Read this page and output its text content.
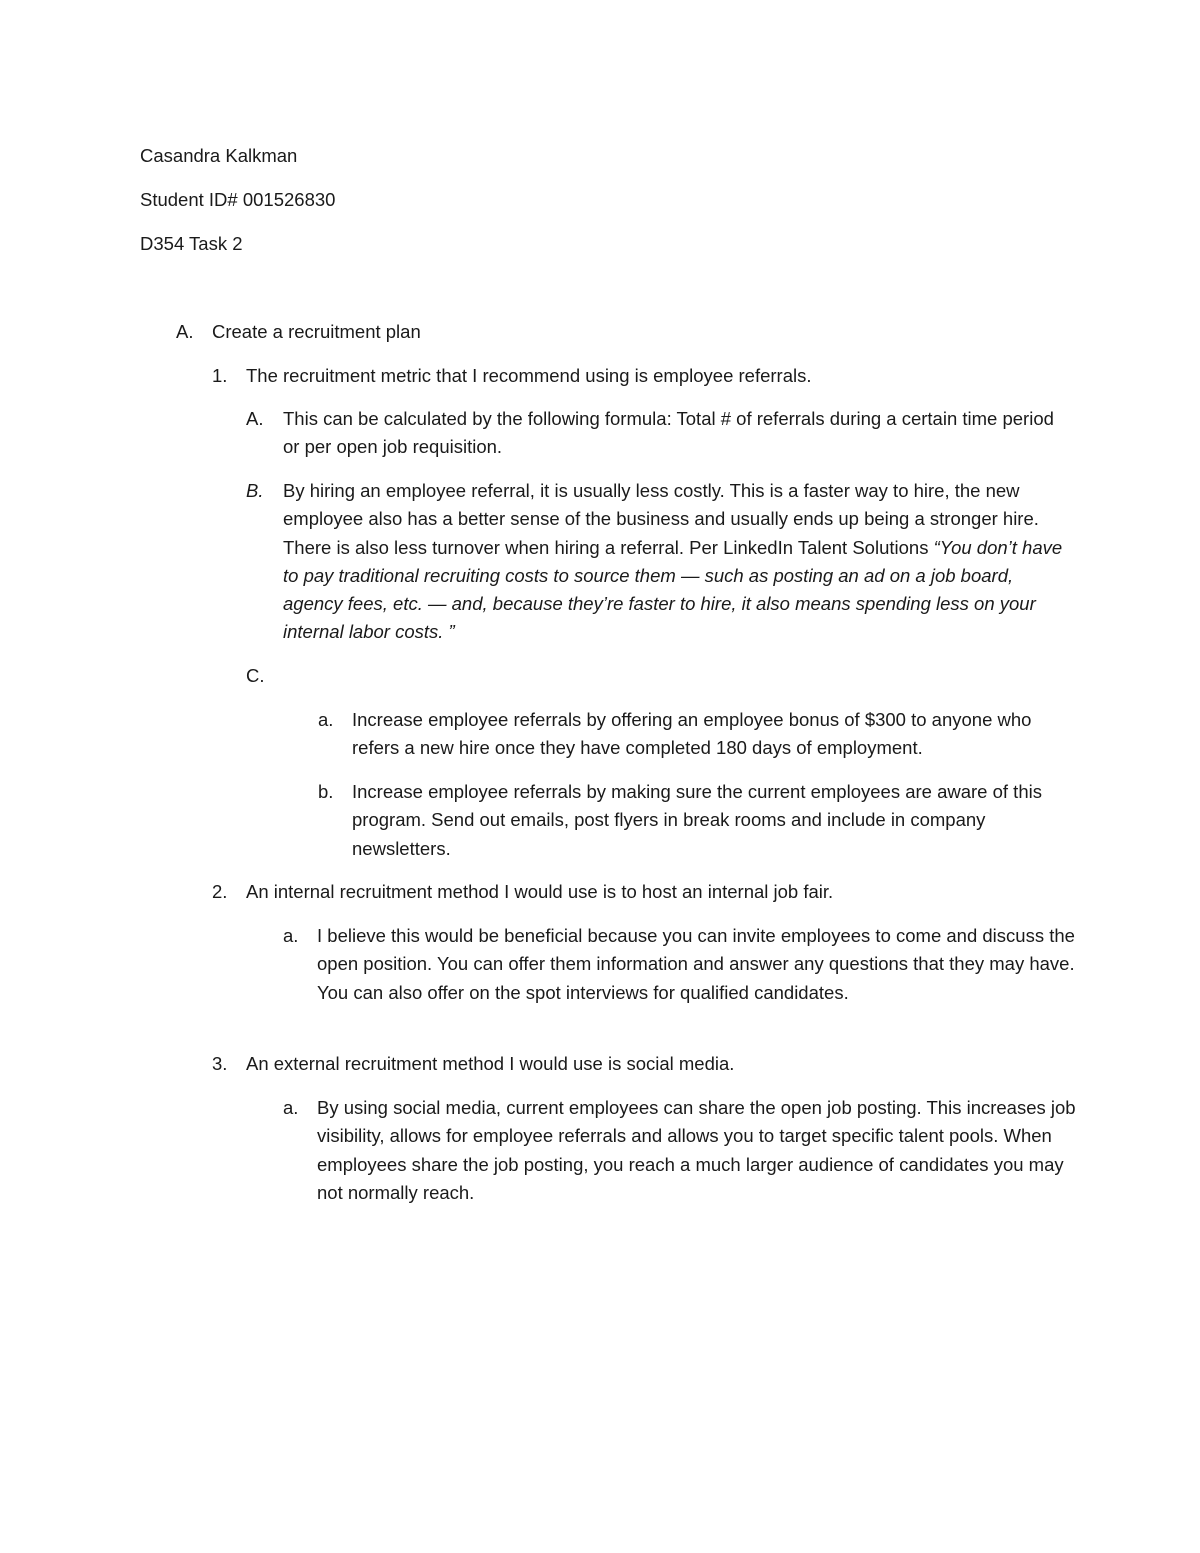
Casandra Kalkman
Student ID# 001526830
D354 Task 2
A. Create a recruitment plan
1. The recruitment metric that I recommend using is employee referrals.
A. This can be calculated by the following formula: Total # of referrals during a certain time period or per open job requisition.
B. By hiring an employee referral, it is usually less costly. This is a faster way to hire, the new employee also has a better sense of the business and usually ends up being a stronger hire. There is also less turnover when hiring a referral. Per LinkedIn Talent Solutions “You don’t have to pay traditional recruiting costs to source them — such as posting an ad on a job board, agency fees, etc. — and, because they’re faster to hire, it also means spending less on your internal labor costs. ”
C.
a. Increase employee referrals by offering an employee bonus of $300 to anyone who refers a new hire once they have completed 180 days of employment.
b. Increase employee referrals by making sure the current employees are aware of this program. Send out emails, post flyers in break rooms and include in company newsletters.
2. An internal recruitment method I would use is to host an internal job fair.
a. I believe this would be beneficial because you can invite employees to come and discuss the open position. You can offer them information and answer any questions that they may have. You can also offer on the spot interviews for qualified candidates.
3. An external recruitment method I would use is social media.
a. By using social media, current employees can share the open job posting. This increases job visibility, allows for employee referrals and allows you to target specific talent pools. When employees share the job posting, you reach a much larger audience of candidates you may not normally reach.
